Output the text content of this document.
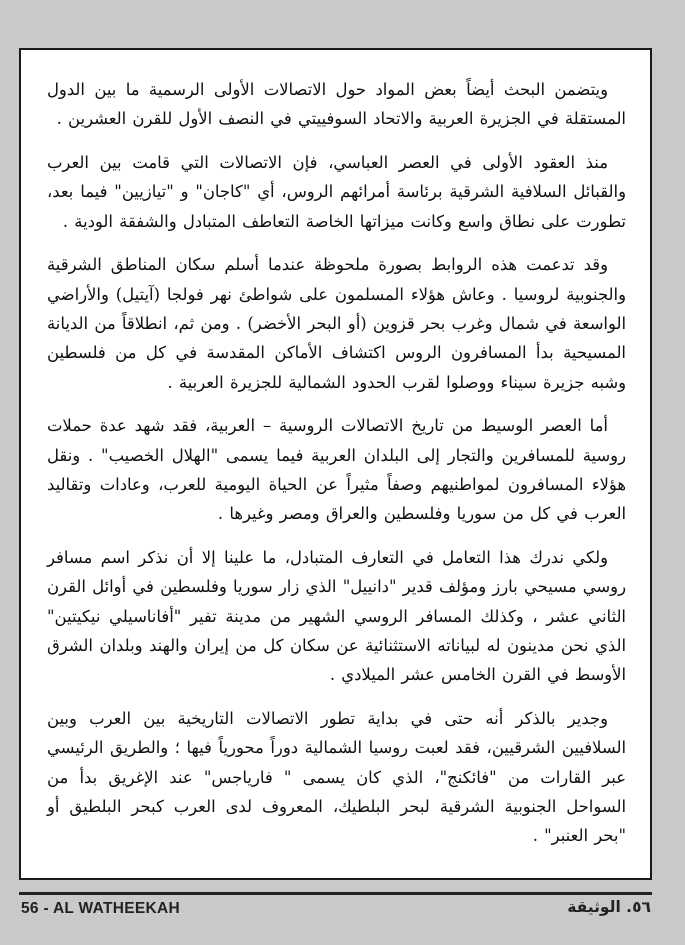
ويتضمن البحث أيضاً بعض المواد حول الاتصالات الأولى الرسمية ما بين الدول المستقلة في الجزيرة العربية والاتحاد السوفييتي في النصف الأول للقرن العشرين .

منذ العقود الأولى في العصر العباسي، فإن الاتصالات التي قامت بين العرب والقبائل السلافية الشرقية برئاسة أمرائهم الروس، أي "كاجان" و "تيازيين" فيما بعد، تطورت على نطاق واسع وكانت ميزاتها الخاصة التعاطف المتبادل والشفقة الودية .

وقد تدعمت هذه الروابط بصورة ملحوظة عندما أسلم سكان المناطق الشرقية والجنوبية لروسيا . وعاش هؤلاء المسلمون على شواطئ نهر فولجا (آيتيل) والأراضي الواسعة في شمال وغرب بحر قزوين (أو البحر الأخضر) . ومن ثم، انطلاقاً من الديانة المسيحية بدأ المسافرون الروس اكتشاف الأماكن المقدسة في كل من فلسطين وشبه جزيرة سيناء ووصلوا لقرب الحدود الشمالية للجزيرة العربية .

أما العصر الوسيط من تاريخ الاتصالات الروسية – العربية، فقد شهد عدة حملات روسية للمسافرين والتجار إلى البلدان العربية فيما يسمى "الهلال الخصيب" . ونقل هؤلاء المسافرون لمواطنيهم وصفاً مثيراً عن الحياة اليومية للعرب، وعادات وتقاليد العرب في كل من سوريا وفلسطين والعراق ومصر وغيرها .

ولكي ندرك هذا التعامل في التعارف المتبادل، ما علينا إلا أن نذكر اسم مسافر روسي مسيحي بارز ومؤلف قدير "دانييل" الذي زار سوريا وفلسطين في أوائل القرن الثاني عشر ، وكذلك المسافر الروسي الشهير من مدينة تفير "أفاناسيلي نيكيتين" الذي نحن مدينون له لبياناته الاستثنائية عن سكان كل من إيران والهند وبلدان الشرق الأوسط في القرن الخامس عشر الميلادي .

وجدير بالذكر أنه حتى في بداية تطور الاتصالات التاريخية بين العرب وبين السلافيين الشرقيين، فقد لعبت روسيا الشمالية دوراً محورياً فيها ؛ والطريق الرئيسي عبر القارات من "فائكنج"، الذي كان يسمى " فارياجس" عند الإغريق بدأ من السواحل الجنوبية الشرقية لبحر البلطيك، المعروف لدى العرب كبحر البلطيق أو "بحر العنبر" .

56 - AL WATHEEKAH	٥٦. الوثيقة
